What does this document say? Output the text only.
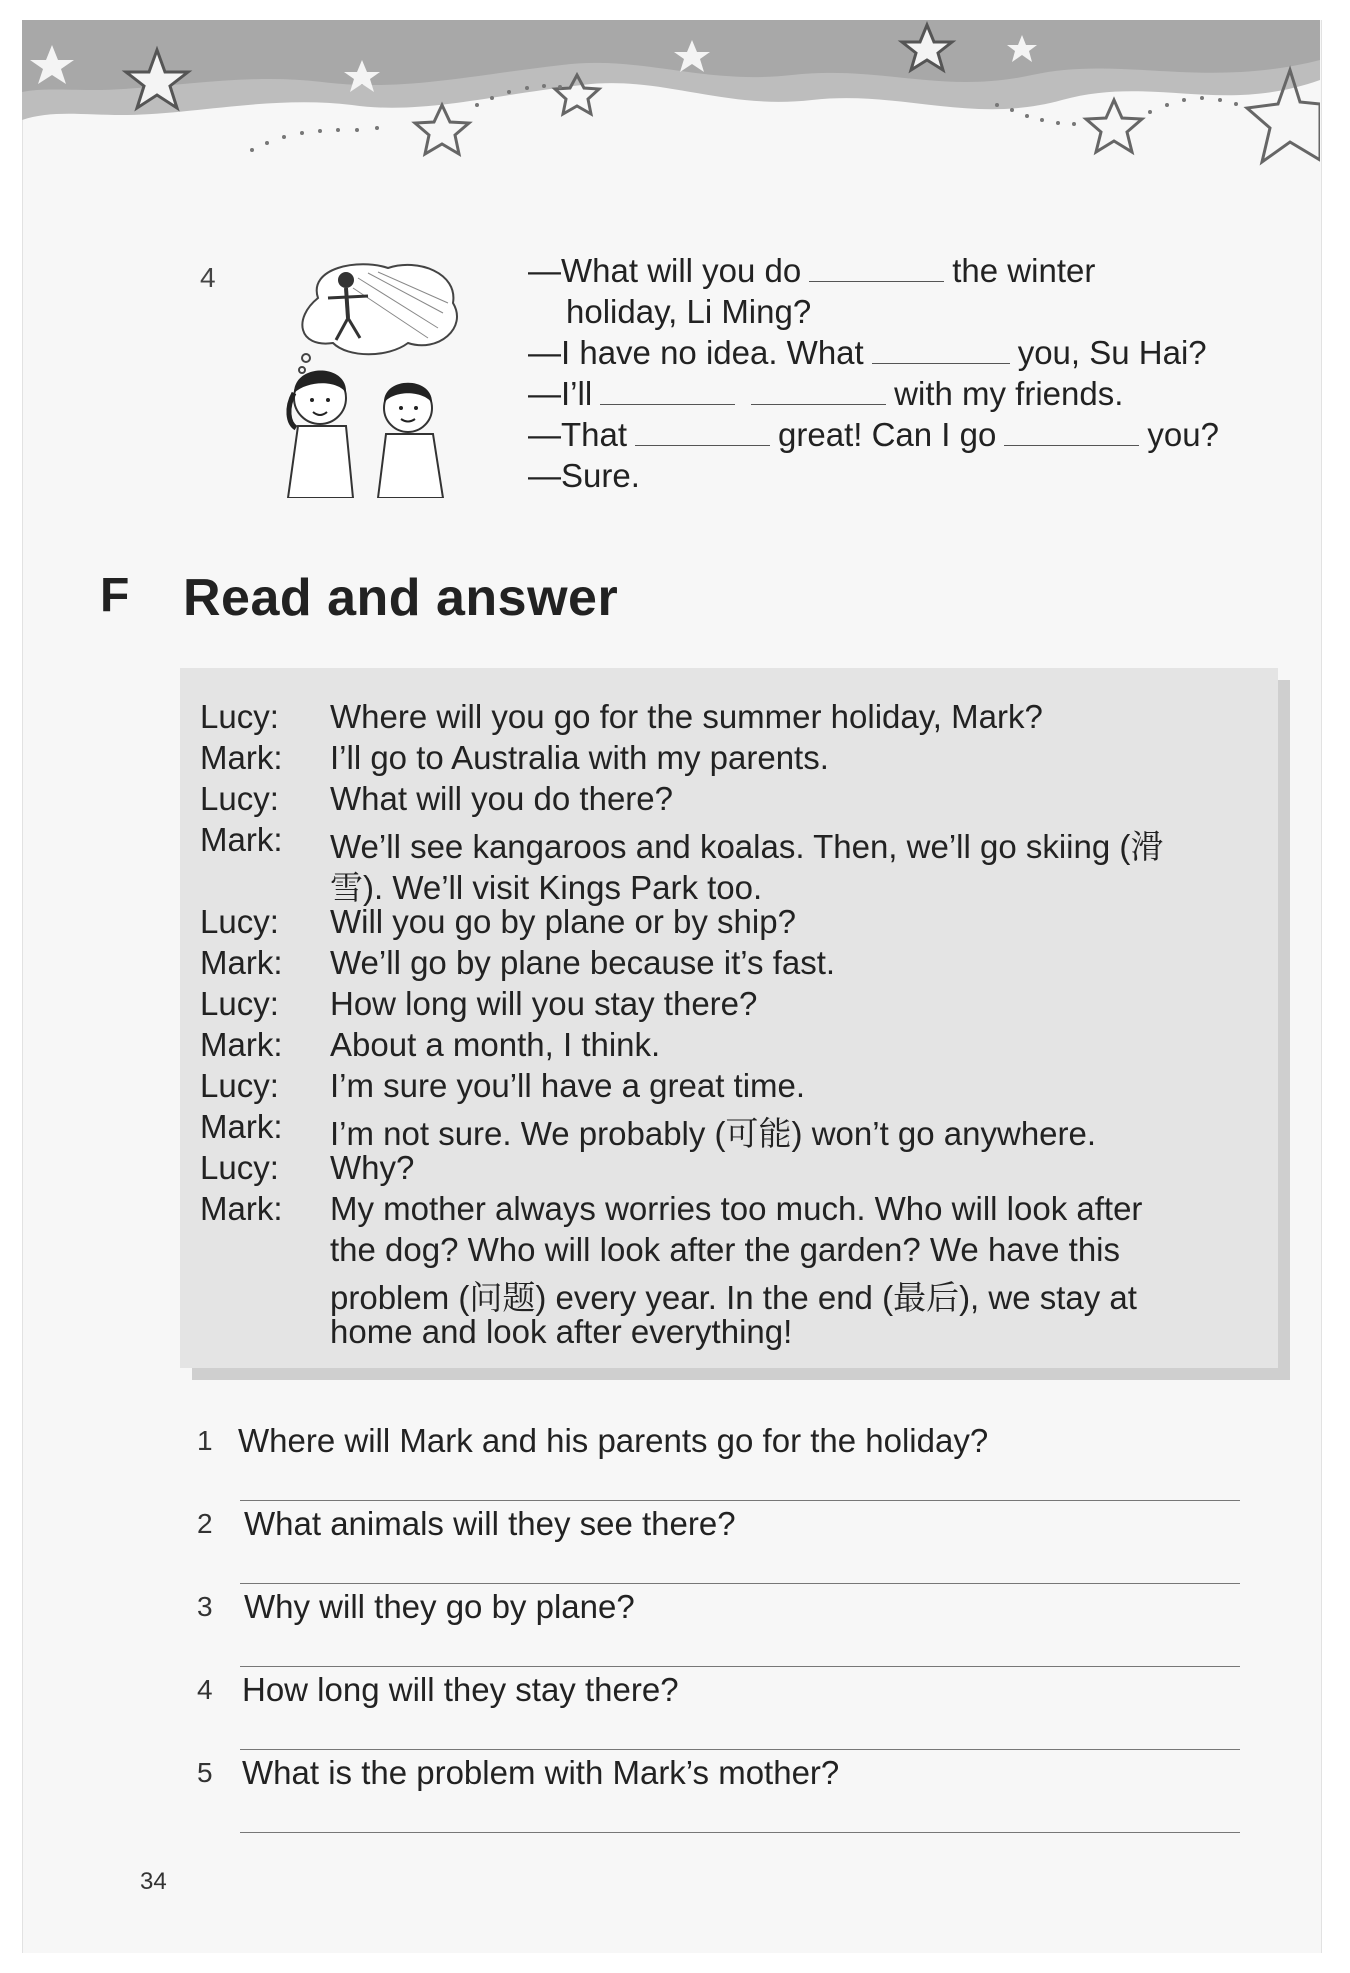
4	—What will you do	the winter
holiday, Li Ming?
—I have no idea. What	you, Su Hai?
—I’ll	with my friends.
—That	great! Can I go	you?
—Sure.
F Read and answer
Lucy: Where will you go for the summer holiday, Mark?
Mark: I’ll go to Australia with my parents.
Lucy: What will you do there?
Mark: We’ll see kangaroos and koalas. Then, we’ll go skiing (滑
雪). We’ll visit Kings Park too.
Lucy: Will you go by plane or by ship?
Mark: We’ll go by plane because it’s fast.
Lucy: How long will you stay there?
Mark: About a month, I think.
Lucy: I’m sure you’ll have a great time.
Mark: I’m not sure. We probably (可能) won’t go anywhere.
Lucy: Why?
Mark: My mother always worries too much. Who will look after
the dog? Who will look after the garden? We have this
problem (问题) every year. In the end (最后), we stay at
home and look after everything!
1 Where will Mark and his parents go for the holiday?
2 What animals will they see there?
3 Why will they go by plane?
4 How long will they stay there?
5 What is the problem with Mark’s mother?
34
